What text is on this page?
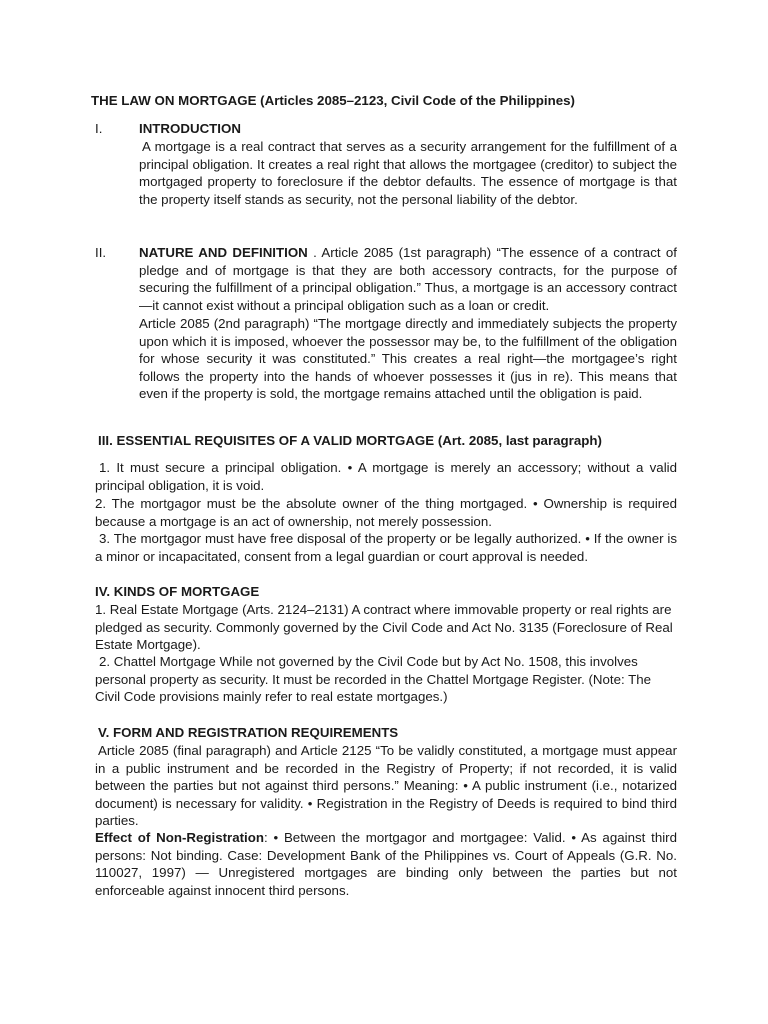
THE LAW ON MORTGAGE (Articles 2085–2123, Civil Code of the Philippines)
I.	INTRODUCTION

A mortgage is a real contract that serves as a security arrangement for the fulfillment of a principal obligation. It creates a real right that allows the mortgagee (creditor) to subject the mortgaged property to foreclosure if the debtor defaults. The essence of mortgage is that the property itself stands as security, not the personal liability of the debtor.

II. NATURE AND DEFINITION . Article 2085 (1st paragraph) “The essence of a contract of pledge and of mortgage is that they are both accessory contracts, for the purpose of securing the fulfillment of a principal obligation.” Thus, a mortgage is an accessory contract—it cannot exist without a principal obligation such as a loan or credit.

Article 2085 (2nd paragraph) “The mortgage directly and immediately subjects the property upon which it is imposed, whoever the possessor may be, to the fulfillment of the obligation for whose security it was constituted.” This creates a real right—the mortgagee’s right follows the property into the hands of whoever possesses it (jus in re). This means that even if the property is sold, the mortgage remains attached until the obligation is paid.

III. ESSENTIAL REQUISITES OF A VALID MORTGAGE (Art. 2085, last paragraph)

1. It must secure a principal obligation. • A mortgage is merely an accessory; without a valid principal obligation, it is void.

2. The mortgagor must be the absolute owner of the thing mortgaged. • Ownership is required because a mortgage is an act of ownership, not merely possession.

3. The mortgagor must have free disposal of the property or be legally authorized. • If the owner is a minor or incapacitated, consent from a legal guardian or court approval is needed.

IV. KINDS OF MORTGAGE

1. Real Estate Mortgage (Arts. 2124–2131) A contract where immovable property or real rights are pledged as security. Commonly governed by the Civil Code and Act No. 3135 (Foreclosure of Real Estate Mortgage).

2. Chattel Mortgage While not governed by the Civil Code but by Act No. 1508, this involves personal property as security. It must be recorded in the Chattel Mortgage Register. (Note: The Civil Code provisions mainly refer to real estate mortgages.)

V. FORM AND REGISTRATION REQUIREMENTS

Article 2085 (final paragraph) and Article 2125 “To be validly constituted, a mortgage must appear in a public instrument and be recorded in the Registry of Property; if not recorded, it is valid between the parties but not against third persons.” Meaning: • A public instrument (i.e., notarized document) is necessary for validity. • Registration in the Registry of Deeds is required to bind third parties.

Effect of Non-Registration: • Between the mortgagor and mortgagee: Valid. • As against third persons: Not binding. Case: Development Bank of the Philippines vs. Court of Appeals (G.R. No. 110027, 1997) — Unregistered mortgages are binding only between the parties but not enforceable against innocent third persons.
